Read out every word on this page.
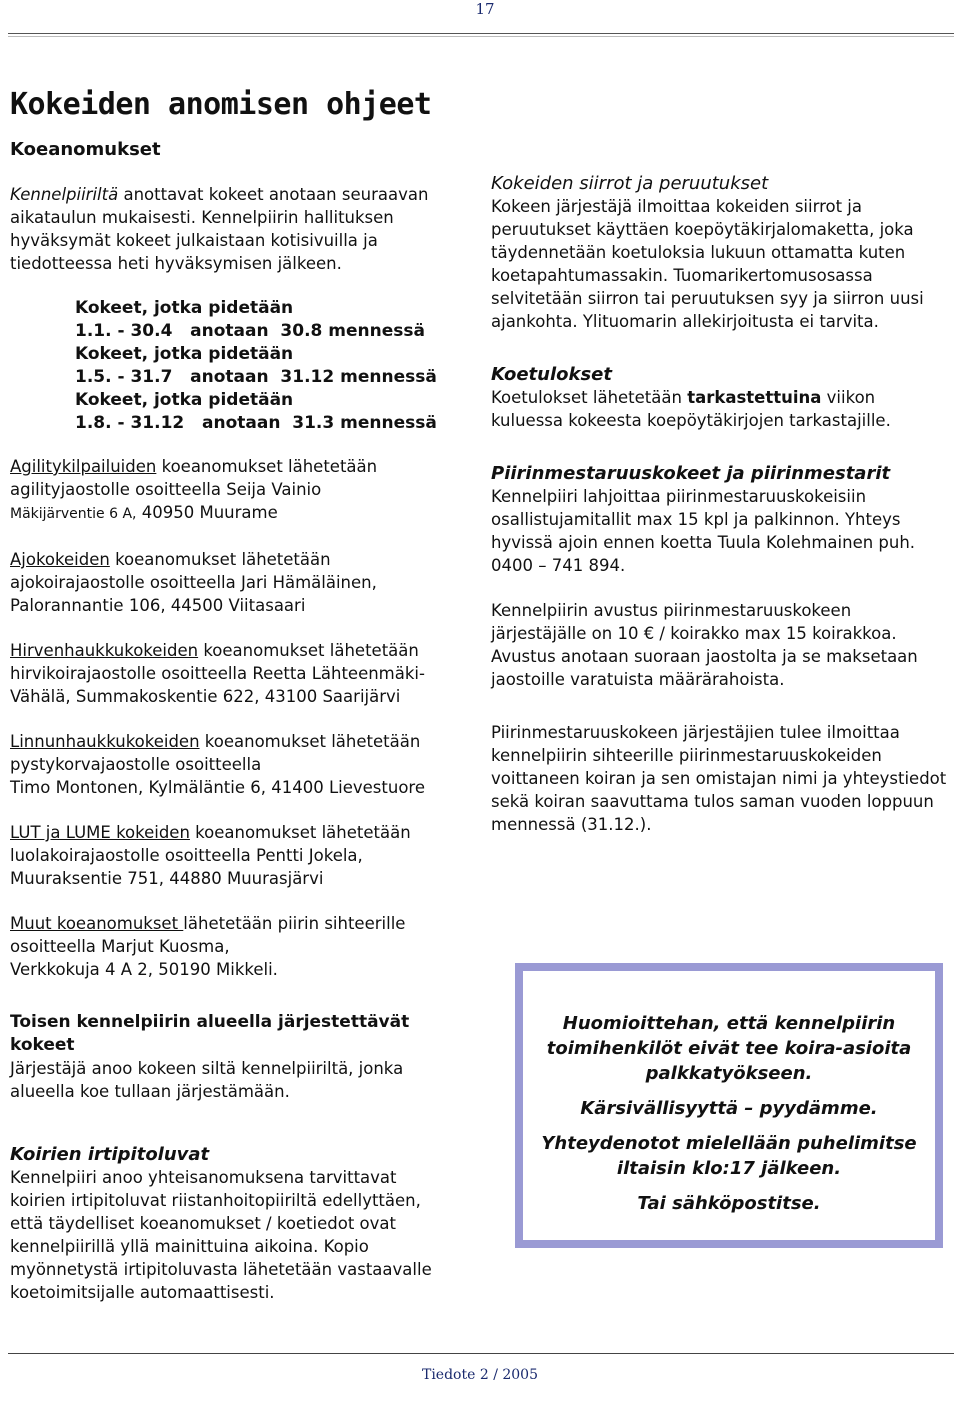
17
Kokeiden anomisen ohjeet

Koeanomukset

Kennelpiiriltä anottavat kokeet anotaan seuraavan aikataulun mukaisesti. Kennelpiirin hallituksen hyväksymät kokeet julkaistaan kotisivuilla ja tiedotteessa heti hyväksymisen jälkeen.

Kokeet, jotka pidetään
1.1. - 30.4   anotaan  30.8 mennessä
Kokeet, jotka pidetään
1.5. - 31.7   anotaan  31.12 mennessä
Kokeet, jotka pidetään
1.8. - 31.12   anotaan  31.3 mennessä

Agilitykilpailuiden koeanomukset lähetetään agilityjaostolle osoitteella Seija Vainio
Mäkijärventie 6 A, 40950 Muurame

Ajokokeiden koeanomukset lähetetään ajokoirajaostolle osoitteella Jari Hämäläinen, Palorannantie 106, 44500 Viitasaari

Hirvenhaukkukokeiden koeanomukset lähetetään hirvikoirajaostolle osoitteella Reetta Lähteenmäki-Vähälä, Summakoskentie 622, 43100 Saarijärvi

Linnunhaukkukokeiden koeanomukset lähetetään pystykorvajaostolle osoitteella
Timo Montonen, Kylmäläntie 6, 41400 Lievestuore

LUT ja LUME kokeiden koeanomukset lähetetään luolakoirajaostolle osoitteella Pentti Jokela, Muuraksentie 751, 44880 Muurasjärvi

Muut koeanomukset lähetetään piirin sihteerille osoitteella Marjut Kuosma,
Verkkokuja 4 A 2, 50190 Mikkeli.

Toisen kennelpiirin alueella järjestettävät kokeet

Järjestäjä anoo kokeen siltä kennelpiiriltä, jonka alueella koe tullaan järjestämään.

Koirien irtipitoluvat

Kennelpiiri anoo yhteisanomuksena tarvittavat koirien irtipitoluvat riistanhoitopiiriltä edellyttäen, että täydelliset koeanomukset / koetiedot ovat kennelpiirillä yllä mainittuina aikoina. Kopio myönnetystä irtipitoluvasta lähetetään vastaavalle koetoimitsijalle automaattisesti.

Kokeiden siirrot ja peruutukset

Kokeen järjestäjä ilmoittaa kokeiden siirrot ja peruutukset käyttäen koepöytäkirjalomaketta, joka täydennetään koetuloksia lukuun ottamatta kuten koetapahtumassakin. Tuomarikertomusosassa selvitetään siirron tai peruutuksen syy ja siirron uusi ajankohta. Ylituomarin allekirjoitusta ei tarvita.

Koetulokset

Koetulokset lähetetään tarkastettuina viikon kuluessa kokeesta koepöytäkirjojen tarkastajille.

Piirinmestaruuskokeet ja piirinmestarit

Kennelpiiri lahjoittaa piirinmestaruuskokeisiin osallistujamitallit max 15 kpl ja palkinnon. Yhteys hyvissä ajoin ennen koetta Tuula Kolehmainen puh. 0400 – 741 894.

Kennelpiirin avustus piirinmestaruuskokeen järjestäjälle on 10 € / koirakko max 15 koirakkoa. Avustus anotaan suoraan jaostolta ja se maksetaan jaostoille varatuista määrärahoista.

Piirinmestaruuskokeen järjestäjien tulee ilmoittaa kennelpiirin sihteerille piirinmestaruuskokeiden voittaneen koiran ja sen omistajan nimi ja yhteystiedot sekä koiran saavuttama tulos saman vuoden loppuun mennessä (31.12.).

Huomioittehan, että kennelpiirin toimihenkilöt eivät tee koira-asioita palkkatyökseen.

Kärsivällisyyttä – pyydämme.

Yhteydenotot mielellään puhelimitse iltaisin klo:17 jälkeen.

Tai sähköpostitse.

Tiedote 2 / 2005
